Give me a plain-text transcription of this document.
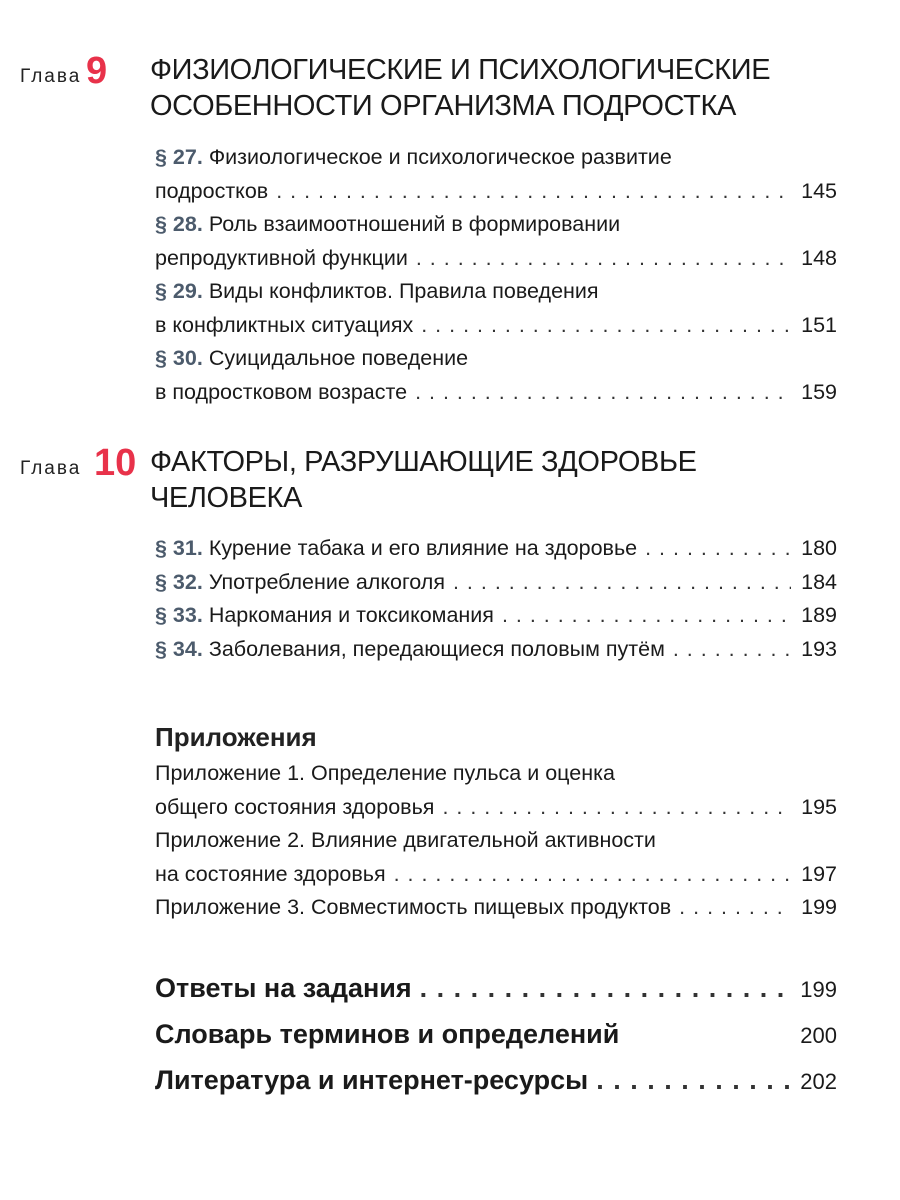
Глава 9 ФИЗИОЛОГИЧЕСКИЕ И ПСИХОЛОГИЧЕСКИЕ
ОСОБЕННОСТИ ОРГАНИЗМА ПОДРОСТКА
§ 27. Физиологическое и психологическое развитие
подростков . . .	145
§ 28. Роль взаимоотношений в формировании
репродуктивной функции . . .	148
§ 29. Виды конфликтов. Правила поведения
в конфликтных ситуациях . . .	151
§ 30. Суицидальное поведение
в подростковом возрасте . . .	159
Глава 10 ФАКТОРЫ, РАЗРУШАЮЩИЕ ЗДОРОВЬЕ
ЧЕЛОВЕКА
§ 31. Курение табака и его влияние на здоровье . . .	180
§ 32. Употребление алкоголя . . .	184
§ 33. Наркомания и токсикомания . . .	189
§ 34. Заболевания, передающиеся половым путём . . .	193
Приложения
Приложение 1. Определение пульса и оценка
общего состояния здоровья . . .	195
Приложение 2. Влияние двигательной активности
на состояние здоровья . . .	197
Приложение 3. Совместимость пищевых продуктов . . .	199
Ответы на задания . . .	199
Словарь терминов и определений	200
Литература и интернет-ресурсы . . .	202
